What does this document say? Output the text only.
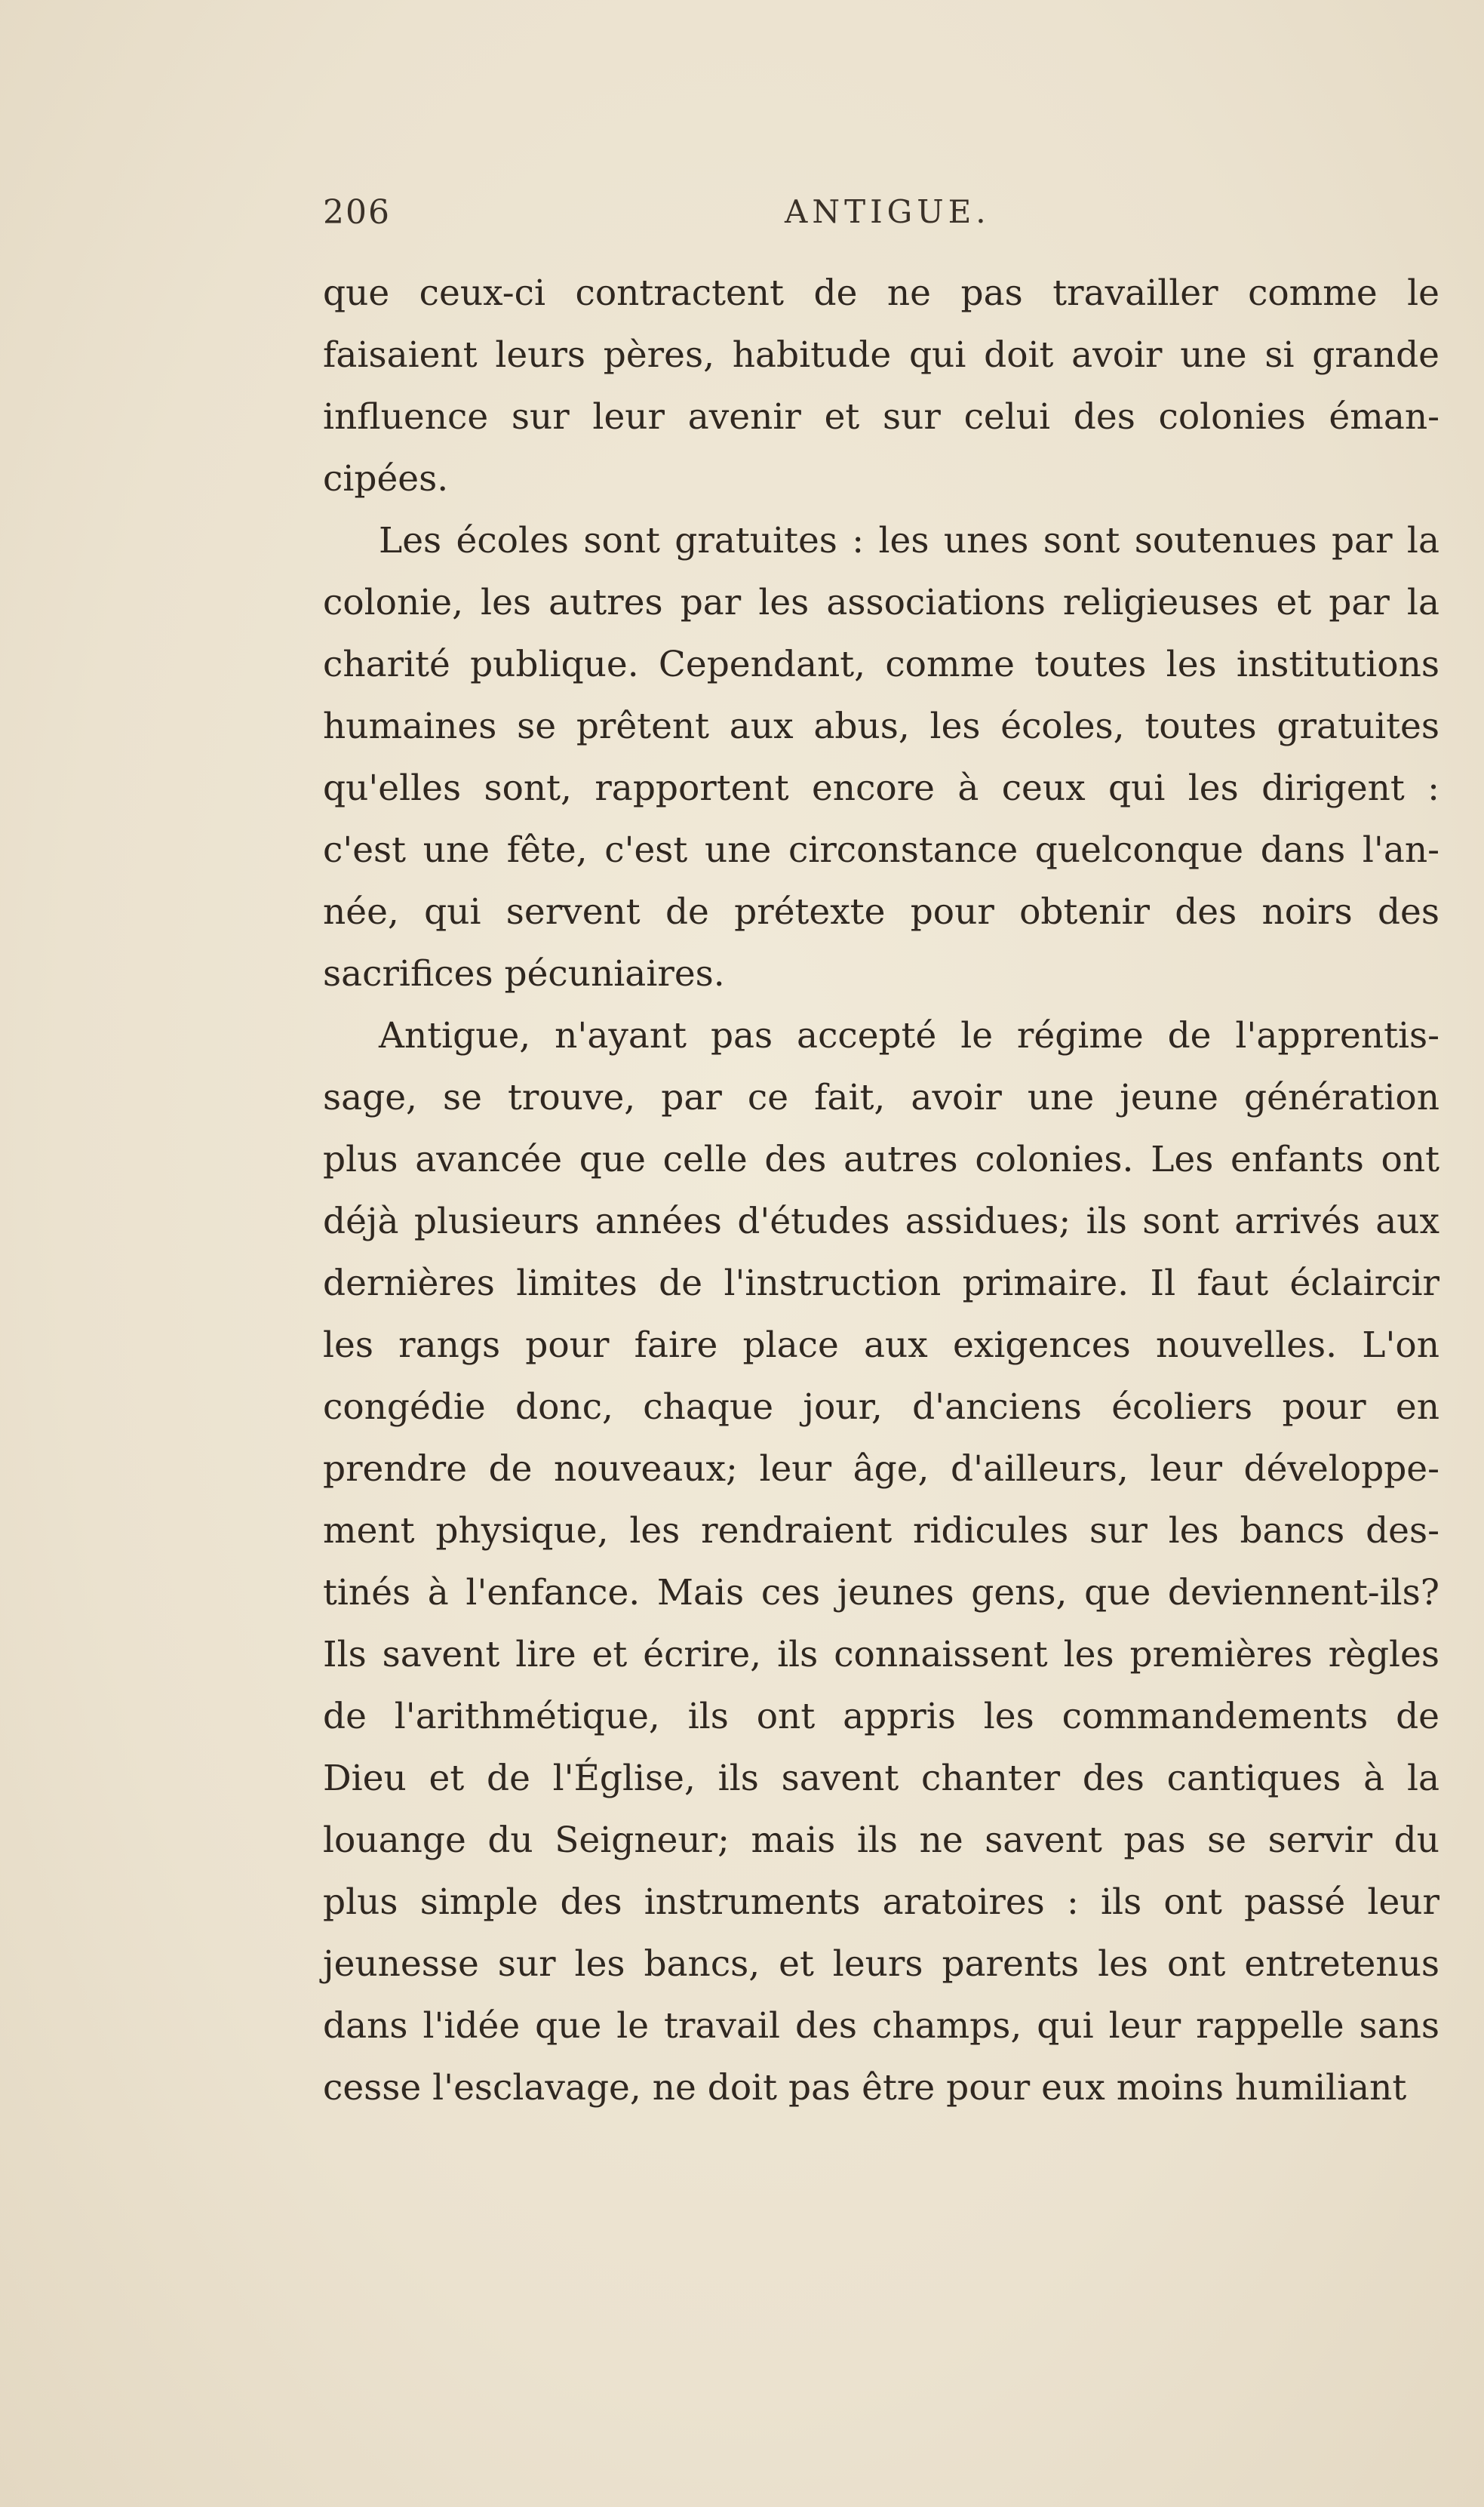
206	ANTIGUE.
que ceux-ci contractent de ne pas travailler comme le
faisaient leurs pères, habitude qui doit avoir une si grande
influence sur leur avenir et sur celui des colonies éman-
cipées.
Les écoles sont gratuites : les unes sont soutenues par la
colonie, les autres par les associations religieuses et par la
charité publique. Cependant, comme toutes les institutions
humaines se prêtent aux abus, les écoles, toutes gratuites
qu'elles sont, rapportent encore à ceux qui les dirigent :
c'est une fête, c'est une circonstance quelconque dans l'an-
née, qui servent de prétexte pour obtenir des noirs des
sacrifices pécuniaires.
Antigue, n'ayant pas accepté le régime de l'apprentis-
sage, se trouve, par ce fait, avoir une jeune génération
plus avancée que celle des autres colonies. Les enfants ont
déjà plusieurs années d'études assidues; ils sont arrivés aux
dernières limites de l'instruction primaire. Il faut éclaircir
les rangs pour faire place aux exigences nouvelles. L'on
congédie donc, chaque jour, d'anciens écoliers pour en
prendre de nouveaux; leur âge, d'ailleurs, leur développe-
ment physique, les rendraient ridicules sur les bancs des-
tinés à l'enfance. Mais ces jeunes gens, que deviennent-ils?
Ils savent lire et écrire, ils connaissent les premières règles
de l'arithmétique, ils ont appris les commandements de
Dieu et de l'Église, ils savent chanter des cantiques à la
louange du Seigneur; mais ils ne savent pas se servir du
plus simple des instruments aratoires : ils ont passé leur
jeunesse sur les bancs, et leurs parents les ont entretenus
dans l'idée que le travail des champs, qui leur rappelle sans
cesse l'esclavage, ne doit pas être pour eux moins humiliant
